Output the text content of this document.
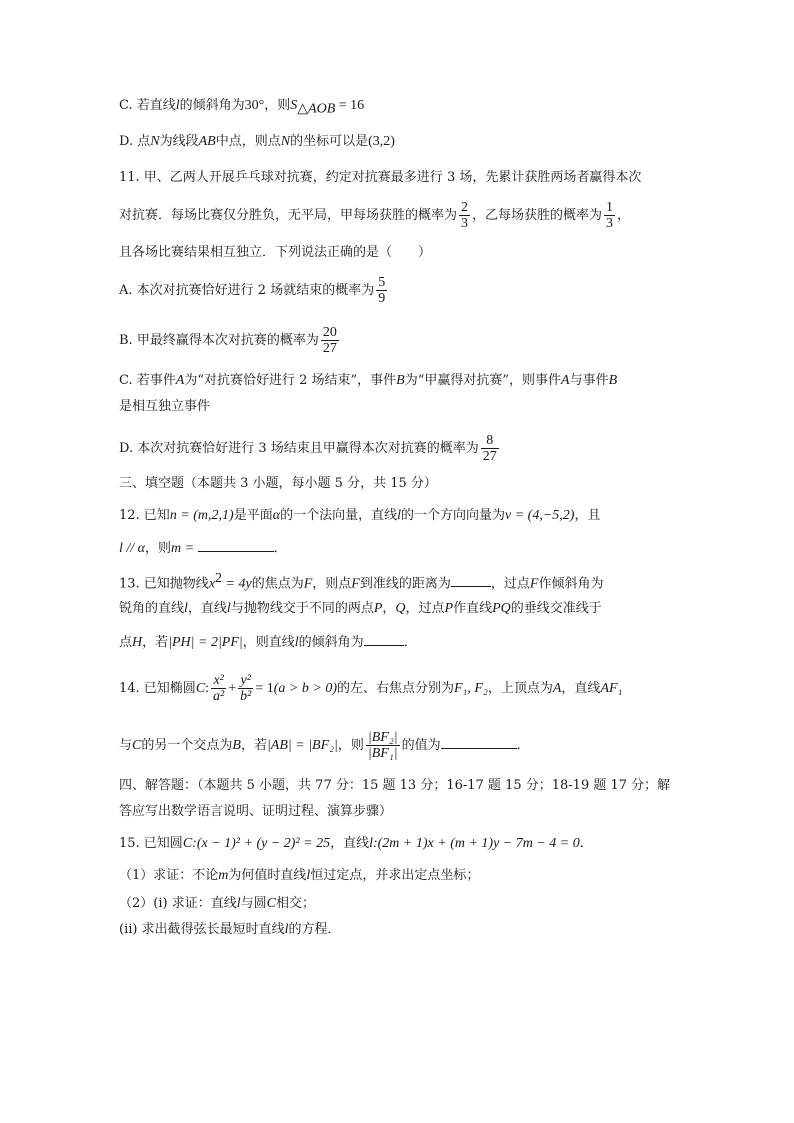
C. 若直线l的倾斜角为30°，则$S_{\triangle AOB} = 16$
D. 点N为线段AB中点，则点N的坐标可以是(3,2)
11. 甲、乙两人开展乒乓球对抗赛，约定对抗赛最多进行 3 场，先累计获胜两场者赢得本次
对抗赛．每场比赛仅分胜负，无平局，甲每场获胜的概率为 $\frac{2}{3}$ ，乙每场获胜的概率为 $\frac{1}{3}$ ，
且各场比赛结果相互独立．下列说法正确的是（　　）
A. 本次对抗赛恰好进行 2 场就结束的概率为 $\frac{5}{9}$
B. 甲最终赢得本次对抗赛的概率为 $\frac{20}{27}$
C. 若事件A为“对抗赛恰好进行 2 场结束”，事件B为“甲赢得对抗赛”，则事件A与事件B
是相互独立事件
D. 本次对抗赛恰好进行 3 场结束且甲赢得本次对抗赛的概率为 $\frac{8}{27}$
三、填空题（本题共 3 小题，每小题 5 分，共 15 分）
12. 已知n = (m,2,1)是平面α的一个法向量，直线l的一个方向向量为v = (4,−5,2)，且
l // α，则m =	．
13. 已知抛物线$x^2 = 4y$的焦点为F，则点F到准线的距离为	，过点F作倾斜角为
锐角的直线l，直线l与抛物线交于不同的两点P，Q，过点P作直线PQ的垂线交准线于
点H，若|PH| = 2|PF|，则直线l的倾斜角为	．
14. 已知椭圆C: $\frac{\text{x²}}{\text{a²}} + \frac{\text{y²}}{\text{b²}} = 1(a > b > 0)$的左、右焦点分别为F₁, F₂，上顶点为A，直线AF₁
与C的另一个交点为B，若|AB| = |BF₂|，则 $\frac{\text{|BF₂|}}{\text{|BF₁|}}$ 的值为	．
四、解答题：（本题共 5 小题，共 77 分：15 题 13 分；16-17 题 15 分；18-19 题 17 分；解
答应写出数学语言说明、证明过程、演算步骤）
15. 已知圆C:(x − 1)² + (y − 2)² = 25，直线l:(2m + 1)x + (m + 1)y − 7m − 4 = 0．
（1）求证：不论m为何值时直线l恒过定点，并求出定点坐标；
（2）(ⅰ) 求证：直线l与圆C相交；
(ⅱ) 求出截得弦长最短时直线l的方程．
